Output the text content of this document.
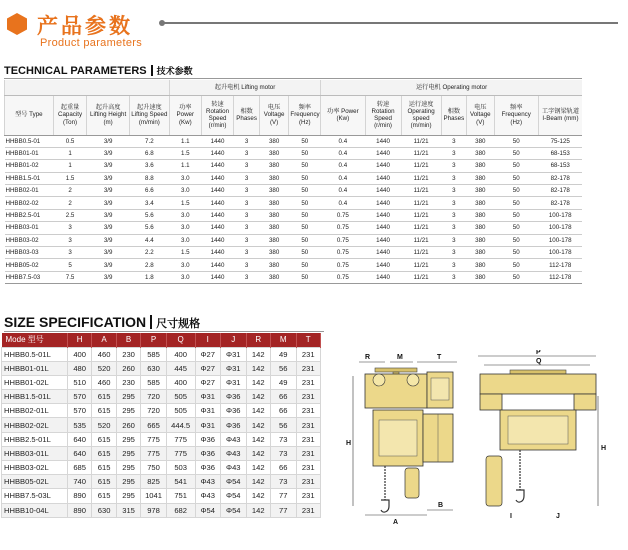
产品参数
Product parameters
TECHNICAL PARAMETERS 技术参数
				起升电机 Lifting motor					运行电机 Operating motor						
型号 Type	起重量 Capacity (Ton)	起升高度 Lifting Height (m)	起升速度 Lifting Speed (m/min)	功率 Power (Kw)	转速 Rotation Speed (r/min)	相数 Phases	电压 Voltage (V)	频率 Frequency (Hz)	功率 Power (Kw)	转速 Rotation Speed (r/min)	运行速度 Operating speed (m/min)	相数 Phases	电压 Voltage (V)	频率 Frequency (Hz)	工字钢梁轨道 I-Beam (mm)
HHBB0.5-01	0.5	3/9	7.2	1.1	1440	3	380	50	0.4	1440	11/21	3	380	50	75-125
HHBB01-01	1	3/9	6.8	1.5	1440	3	380	50	0.4	1440	11/21	3	380	50	68-153
HHBB01-02	1	3/9	3.6	1.1	1440	3	380	50	0.4	1440	11/21	3	380	50	68-153
HHBB1.5-01	1.5	3/9	8.8	3.0	1440	3	380	50	0.4	1440	11/21	3	380	50	82-178
HHBB02-01	2	3/9	6.6	3.0	1440	3	380	50	0.4	1440	11/21	3	380	50	82-178
HHBB02-02	2	3/9	3.4	1.5	1440	3	380	50	0.4	1440	11/21	3	380	50	82-178
HHBB2.5-01	2.5	3/9	5.6	3.0	1440	3	380	50	0.75	1440	11/21	3	380	50	100-178
HHBB03-01	3	3/9	5.6	3.0	1440	3	380	50	0.75	1440	11/21	3	380	50	100-178
HHBB03-02	3	3/9	4.4	3.0	1440	3	380	50	0.75	1440	11/21	3	380	50	100-178
HHBB03-03	3	3/9	2.2	1.5	1440	3	380	50	0.75	1440	11/21	3	380	50	100-178
HHBB05-02	5	3/9	2.8	3.0	1440	3	380	50	0.75	1440	11/21	3	380	50	112-178
HHBB7.5-03	7.5	3/9	1.8	3.0	1440	3	380	50	0.75	1440	11/21	3	380	50	112-178
SIZE SPECIFICATION 尺寸规格
Mode 型号	H	A	B	P	Q	I	J	R	M	T
HHBB0.5-01L	400	460	230	585	400	Φ27	Φ31	142	49	231
HHBB01-01L	480	520	260	630	445	Φ27	Φ31	142	56	231
HHBB01-02L	510	460	230	585	400	Φ27	Φ31	142	49	231
HHBB1.5-01L	570	615	295	720	505	Φ31	Φ36	142	66	231
HHBB02-01L	570	615	295	720	505	Φ31	Φ36	142	66	231
HHBB02-02L	535	520	260	665	444.5	Φ31	Φ36	142	56	231
HHBB2.5-01L	640	615	295	775	775	Φ36	Φ43	142	73	231
HHBB03-01L	640	615	295	775	775	Φ36	Φ43	142	73	231
HHBB03-02L	685	615	295	750	503	Φ36	Φ43	142	66	231
HHBB05-02L	740	615	295	825	541	Φ43	Φ54	142	73	231
HHBB7.5-03L	890	615	295	1041	751	Φ43	Φ54	142	77	231
HHBB10-04L	890	630	315	978	682	Φ54	Φ54	142	77	231
R	M	T
H
A
B
P
Q
H
I	J
